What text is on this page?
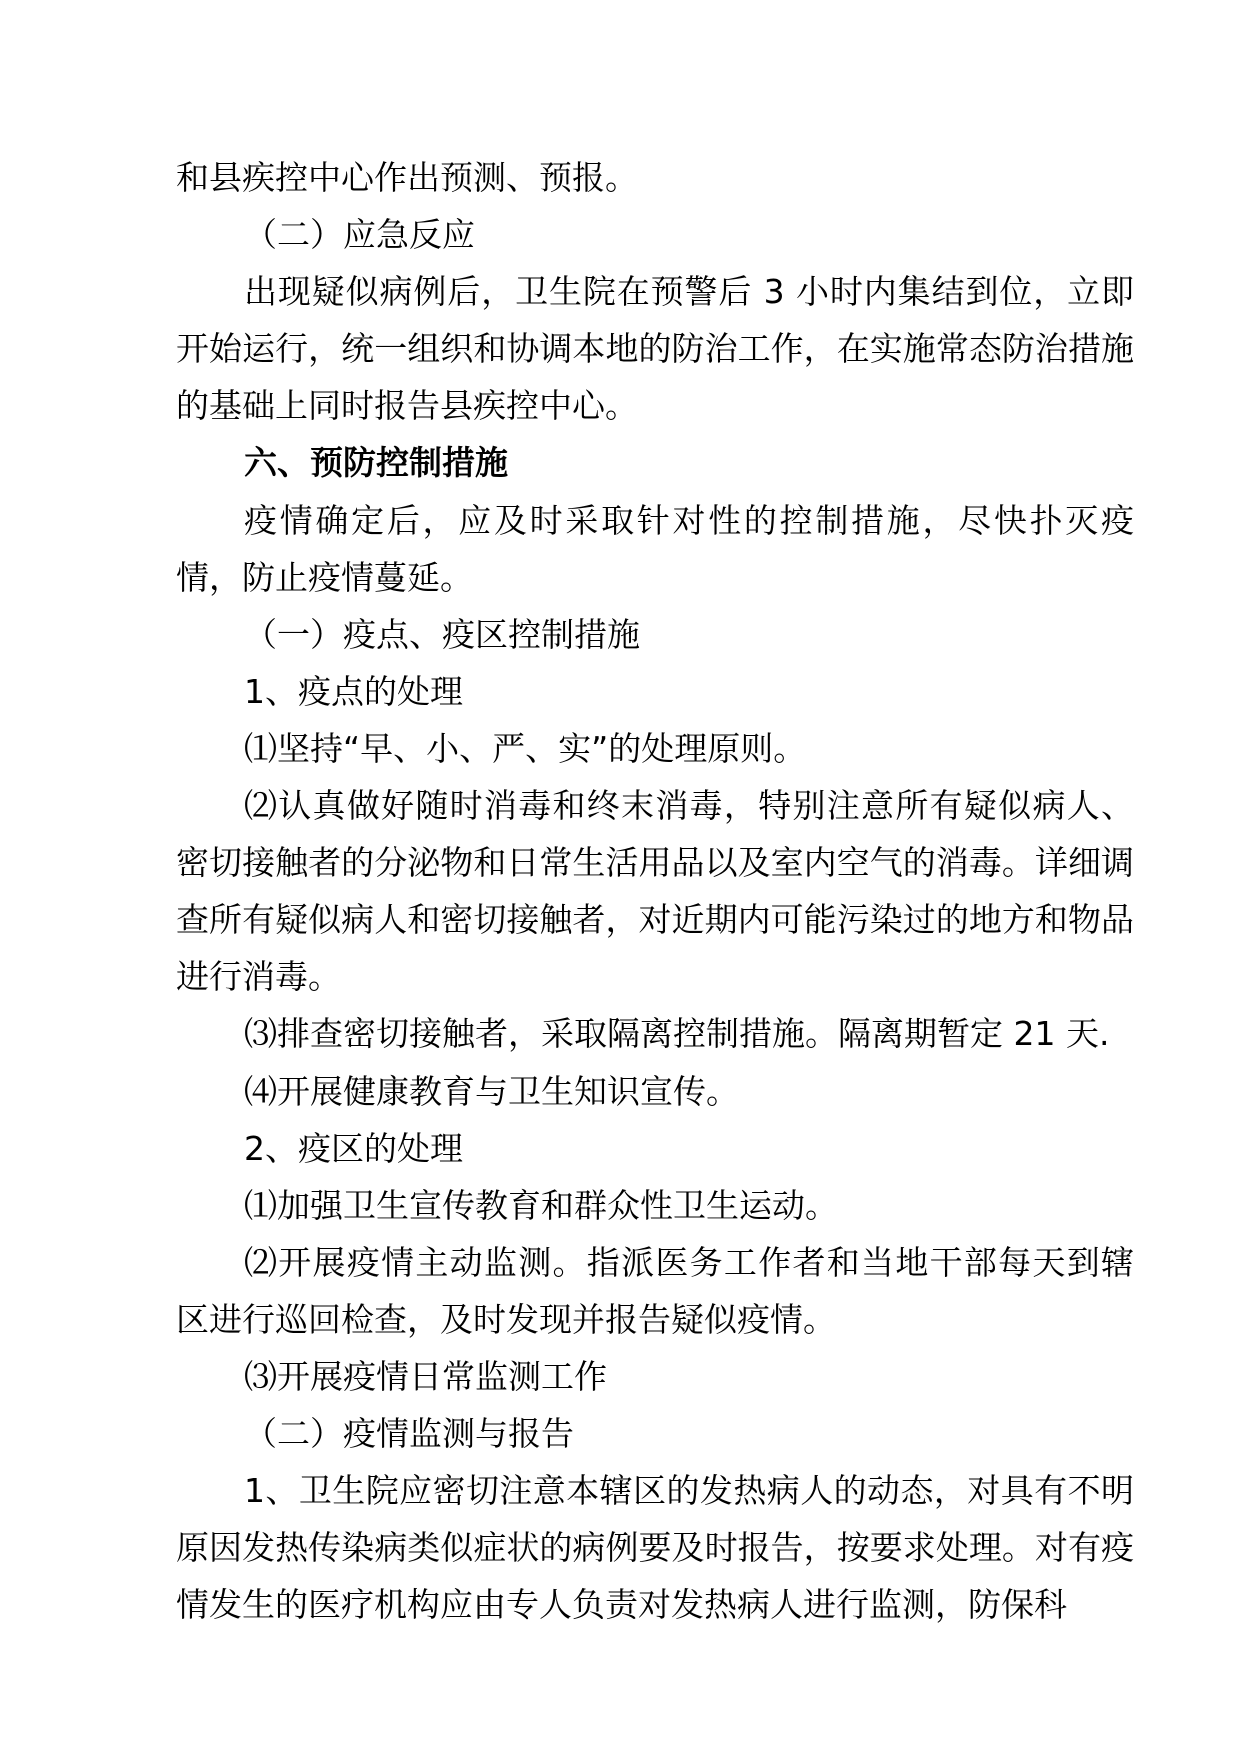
和县疾控中心作出预测、预报。

（二）应急反应

出现疑似病例后，卫生院在预警后 3 小时内集结到位，立即开始运行，统一组织和协调本地的防治工作，在实施常态防治措施的基础上同时报告县疾控中心。

六、预防控制措施

疫情确定后，应及时采取针对性的控制措施，尽快扑灭疫情，防止疫情蔓延。

（一）疫点、疫区控制措施

1、疫点的处理

⑴坚持“早、小、严、实”的处理原则。

⑵认真做好随时消毒和终末消毒，特别注意所有疑似病人、密切接触者的分泌物和日常生活用品以及室内空气的消毒。详细调查所有疑似病人和密切接触者，对近期内可能污染过的地方和物品进行消毒。

⑶排查密切接触者，采取隔离控制措施。隔离期暂定 21 天.

⑷开展健康教育与卫生知识宣传。

2、疫区的处理

⑴加强卫生宣传教育和群众性卫生运动。

⑵开展疫情主动监测。指派医务工作者和当地干部每天到辖区进行巡回检查，及时发现并报告疑似疫情。

⑶开展疫情日常监测工作

（二）疫情监测与报告

1、卫生院应密切注意本辖区的发热病人的动态，对具有不明原因发热传染病类似症状的病例要及时报告，按要求处理。对有疫情发生的医疗机构应由专人负责对发热病人进行监测，防保科
